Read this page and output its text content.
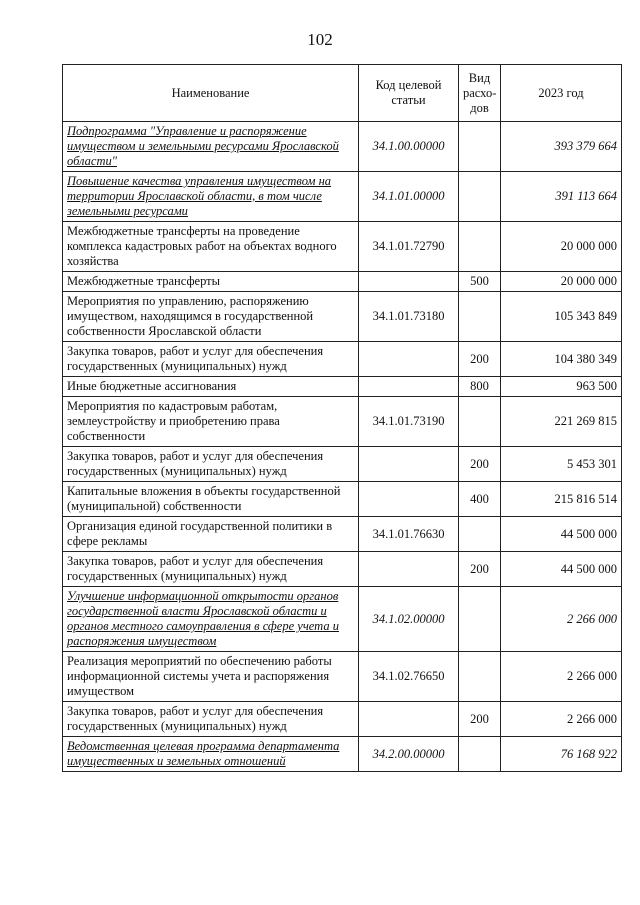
102
Наименование	Код целевой статьи	Вид расхо-дов	2023 год
Подпрограмма "Управление и распоряжение имуществом и земельными ресурсами Ярославской области"	34.1.00.00000		393 379 664
Повышение качества управления имуществом на территории Ярославской области, в том числе земельными ресурсами	34.1.01.00000		391 113 664
Межбюджетные трансферты на проведение комплекса кадастровых работ на объектах водного хозяйства	34.1.01.72790		20 000 000
Межбюджетные трансферты		500	20 000 000
Мероприятия по управлению, распоряжению имуществом, находящимся в государственной собственности Ярославской области	34.1.01.73180		105 343 849
Закупка товаров, работ и услуг для обеспечения государственных (муниципальных) нужд		200	104 380 349
Иные бюджетные ассигнования		800	963 500
Мероприятия по кадастровым работам, землеустройству и приобретению права собственности	34.1.01.73190		221 269 815
Закупка товаров, работ и услуг для обеспечения государственных (муниципальных) нужд		200	5 453 301
Капитальные вложения в объекты государственной (муниципальной) собственности		400	215 816 514
Организация единой государственной политики в сфере рекламы	34.1.01.76630		44 500 000
Закупка товаров, работ и услуг для обеспечения государственных (муниципальных) нужд		200	44 500 000
Улучшение информационной открытости органов государственной власти Ярославской области и органов местного самоуправления в сфере учета и распоряжения имуществом	34.1.02.00000		2 266 000
Реализация мероприятий по обеспечению работы информационной системы учета и распоряжения имуществом	34.1.02.76650		2 266 000
Закупка товаров, работ и услуг для обеспечения государственных (муниципальных) нужд		200	2 266 000
Ведомственная целевая программа департамента имущественных и земельных отношений	34.2.00.00000		76 168 922
